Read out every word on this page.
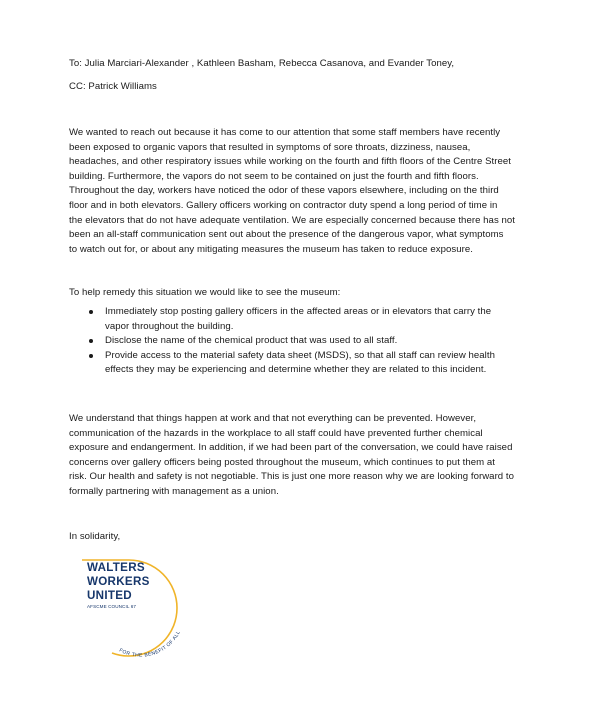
To: Julia Marciari-Alexander , Kathleen Basham, Rebecca Casanova, and Evander Toney,
CC: Patrick Williams
We wanted to reach out because it has come to our attention that some staff members have recently
been exposed to organic vapors that resulted in symptoms of sore throats, dizziness, nausea,
headaches, and other respiratory issues while working on the fourth and fifth floors of the Centre Street
building. Furthermore, the vapors do not seem to be contained on just the fourth and fifth floors.
Throughout the day, workers have noticed the odor of these vapors elsewhere, including on the third
floor and in both elevators. Gallery officers working on contractor duty spend a long period of time in
the elevators that do not have adequate ventilation. We are especially concerned because there has not
been an all-staff communication sent out about the presence of the dangerous vapor, what symptoms
to watch out for, or about any mitigating measures the museum has taken to reduce exposure.
To help remedy this situation we would like to see the museum:
Immediately stop posting gallery officers in the affected areas or in elevators that carry the
vapor throughout the building.
Disclose the name of the chemical product that was used to all staff.
Provide access to the material safety data sheet (MSDS), so that all staff can review health
effects they may be experiencing and determine whether they are related to this incident.
We understand that things happen at work and that not everything can be prevented. However,
communication of the hazards in the workplace to all staff could have prevented further chemical
exposure and endangerment. In addition, if we had been part of the conversation, we could have raised
concerns over gallery officers being posted throughout the museum, which continues to put them at
risk. Our health and safety is not negotiable. This is just one more reason why we are looking forward to
formally partnering with management as a union.
In solidarity,
FOR THE BENEFIT OF ALL
WALTERS
WORKERS
UNITED
AFSCME COUNCIL 67
